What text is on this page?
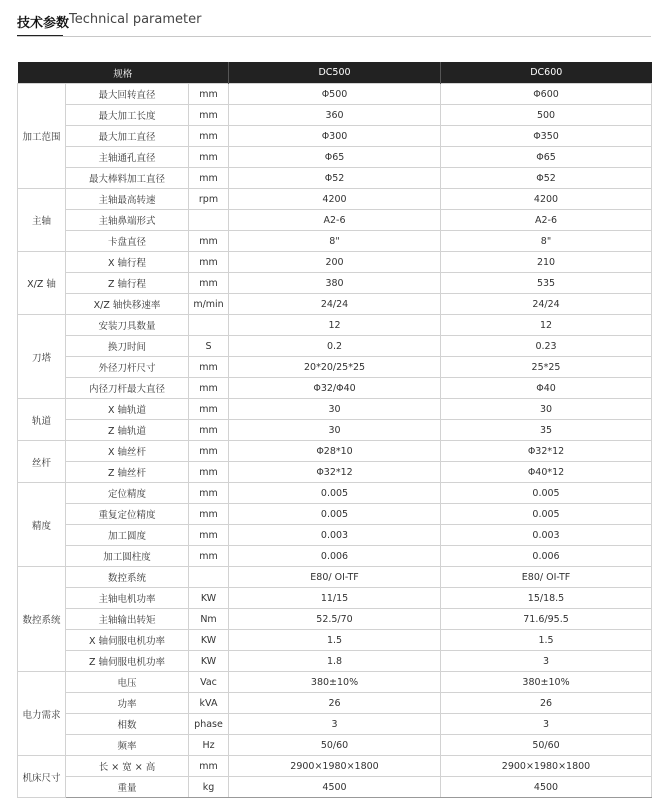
技术参数 Technical parameter
规格			DC500	DC600
加工范围	最大回转直径	mm	Φ500	Φ600
	最大加工长度	mm	360	500
	最大加工直径	mm	Φ300	Φ350
	主轴通孔直径	mm	Φ65	Φ65
	最大棒料加工直径	mm	Φ52	Φ52
主轴	主轴最高转速	rpm	4200	4200
	主轴鼻端形式		A2-6	A2-6
	卡盘直径	mm	8"	8"
X/Z 轴	X 轴行程	mm	200	210
	Z 轴行程	mm	380	535
	X/Z 轴快移速率	m/min	24/24	24/24
刀塔	安装刀具数量		12	12
	换刀时间	S	0.2	0.23
	外径刀杆尺寸	mm	20*20/25*25	25*25
	内径刀杆最大直径	mm	Φ32/Φ40	Φ40
轨道	X 轴轨道	mm	30	30
	Z 轴轨道	mm	30	35
丝杆	X 轴丝杆	mm	Φ28*10	Φ32*12
	Z 轴丝杆	mm	Φ32*12	Φ40*12
精度	定位精度	mm	0.005	0.005
	重复定位精度	mm	0.005	0.005
	加工圆度	mm	0.003	0.003
	加工圆柱度	mm	0.006	0.006
数控系统	数控系统		E80/ OI-TF	E80/ OI-TF
	主轴电机功率	KW	11/15	15/18.5
	主轴输出转矩	Nm	52.5/70	71.6/95.5
	X 轴伺服电机功率	KW	1.5	1.5
	Z 轴伺服电机功率	KW	1.8	3
电力需求	电压	Vac	380±10%	380±10%
	功率	kVA	26	26
	相数	phase	3	3
	频率	Hz	50/60	50/60
机床尺寸	长 × 宽 × 高	mm	2900×1980×1800	2900×1980×1800
	重量	kg	4500	4500
